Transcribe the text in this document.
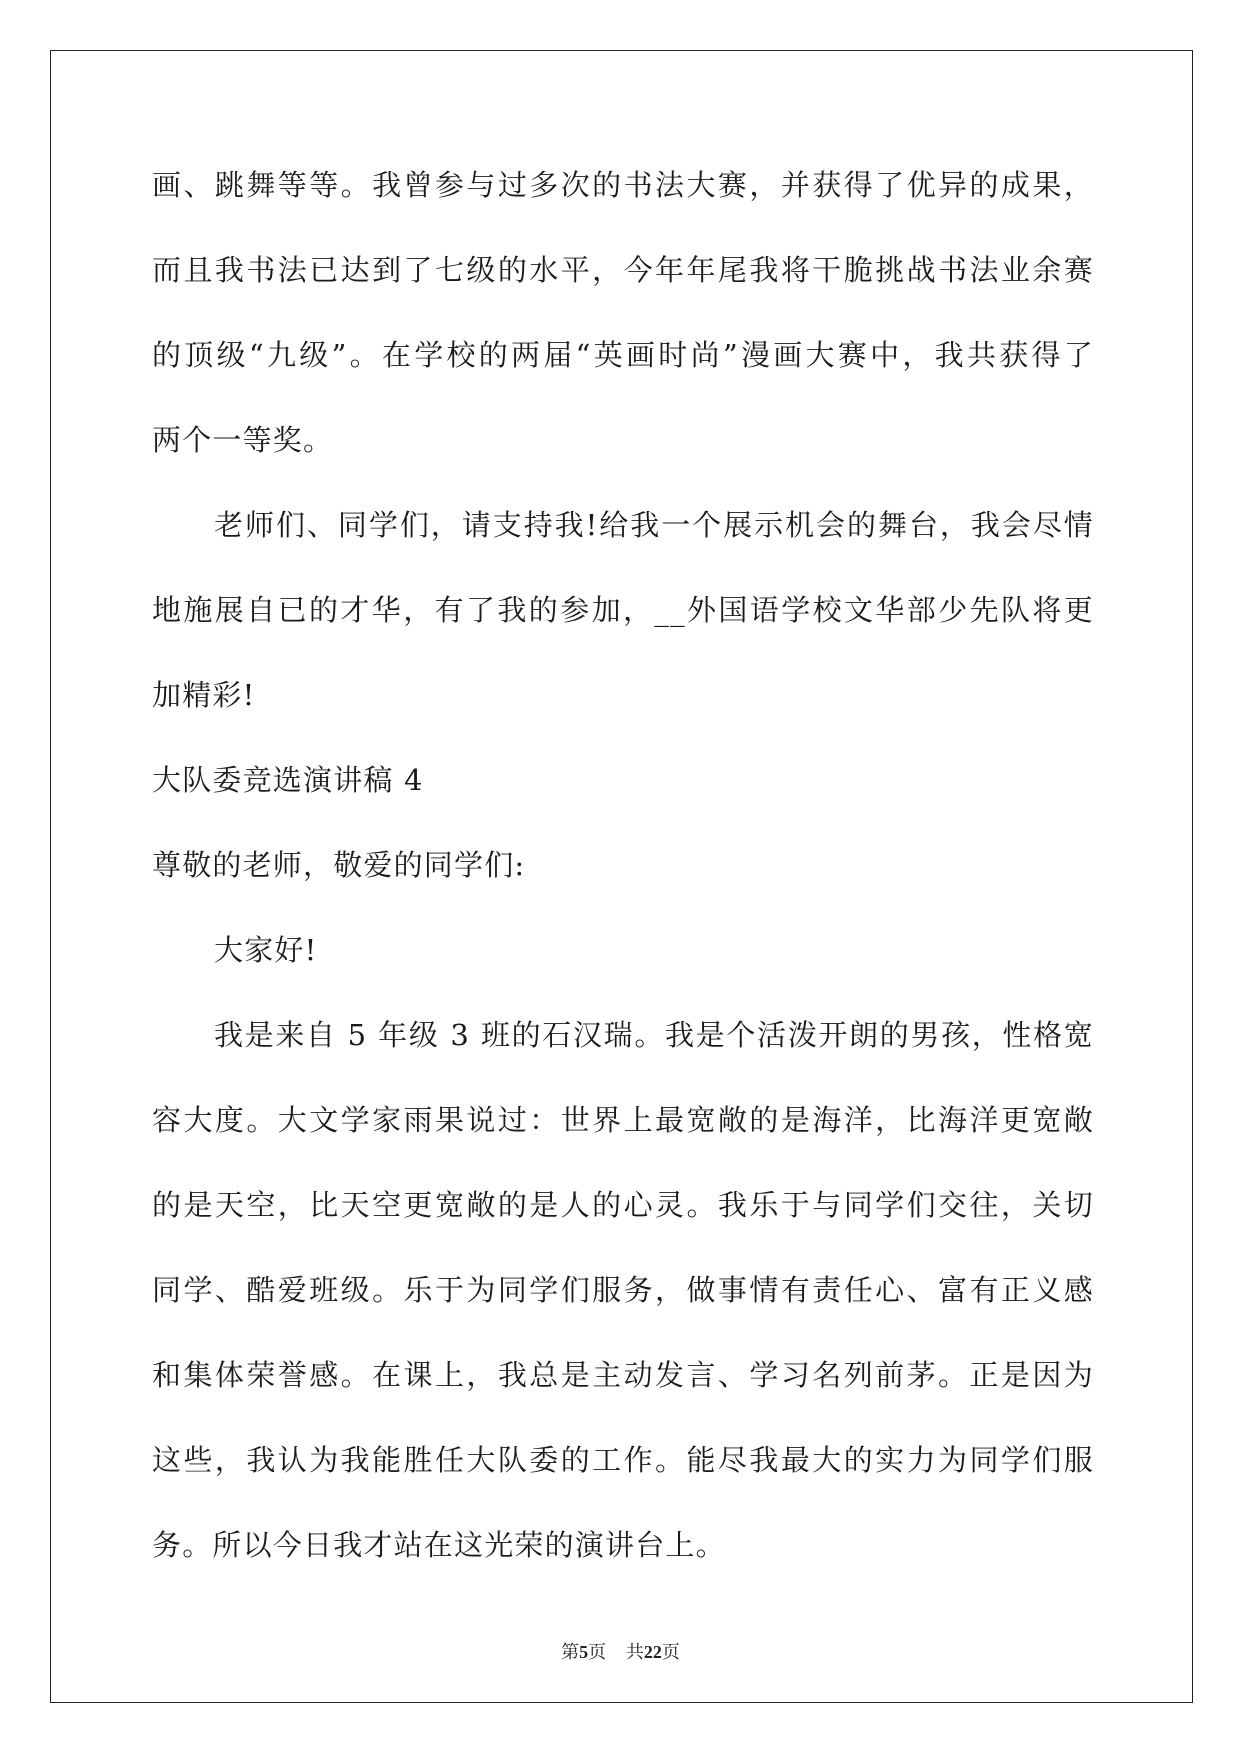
画、跳舞等等。我曾参与过多次的书法大赛，并获得了优异的成果，
而且我书法已达到了七级的水平，今年年尾我将干脆挑战书法业余赛
的顶级“九级”。在学校的两届“英画时尚”漫画大赛中，我共获得了
两个一等奖。
老师们、同学们，请支持我!给我一个展示机会的舞台，我会尽情
地施展自已的才华，有了我的参加，__外国语学校文华部少先队将更
加精彩!
大队委竞选演讲稿 4
尊敬的老师，敬爱的同学们:
大家好!
我是来自 5 年级 3 班的石汉瑞。我是个活泼开朗的男孩，性格宽
容大度。大文学家雨果说过：世界上最宽敞的是海洋，比海洋更宽敞
的是天空，比天空更宽敞的是人的心灵。我乐于与同学们交往，关切
同学、酷爱班级。乐于为同学们服务，做事情有责任心、富有正义感
和集体荣誉感。在课上，我总是主动发言、学习名列前茅。正是因为
这些，我认为我能胜任大队委的工作。能尽我最大的实力为同学们服
务。所以今日我才站在这光荣的演讲台上。
第5页 共22页
